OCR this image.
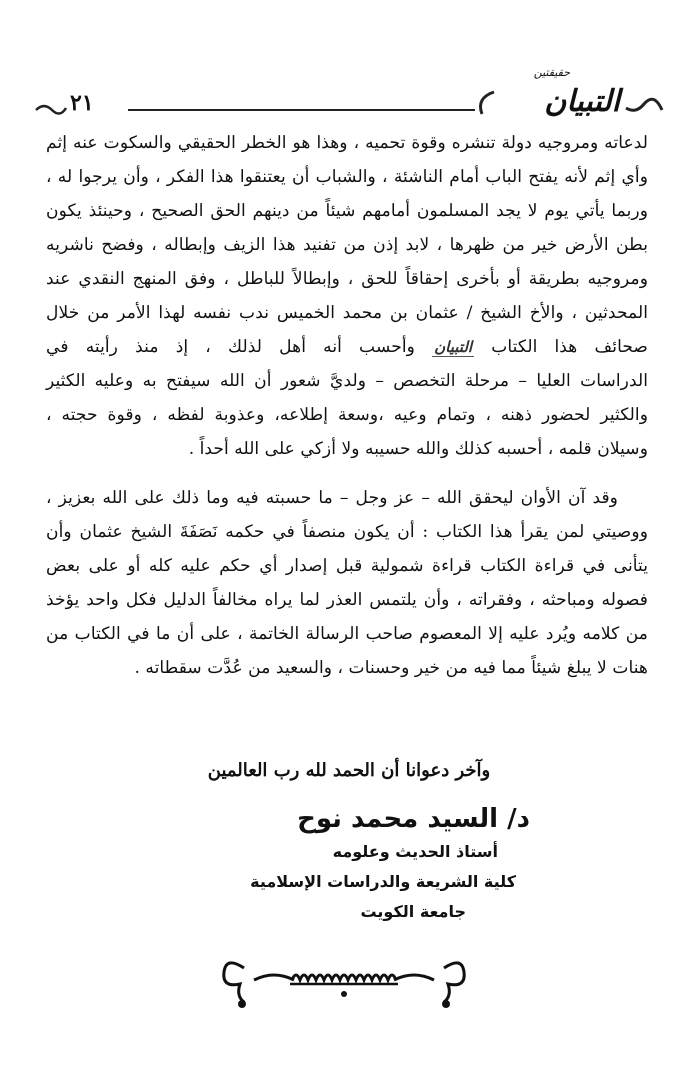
٢١
حقيقتين
التبيان
لدعاته ومروجيه دولة تنشره وقوة تحميه ، وهذا هو الخطر الحقيقي والسكوت عنه إثم
وأي إثم لأنه يفتح الباب أمام الناشئة ، والشباب أن يعتنقوا هذا الفكر ، وأن يرجوا له ،
وربما يأتي يوم لا يجد المسلمون أمامهم شيئاً من دينهم الحق الصحيح ، وحينئذ يكون
بطن الأرض خير من ظهرها ، لابد إذن من تفنيد هذا الزيف وإبطاله ، وفضح ناشريه
ومروجيه بطريقة أو بأخرى إحقاقاً للحق ، وإبطالاً للباطل ، وفق المنهج النقدي عند
المحدثين ، والأخ الشيخ / عثمان بن محمد الخميس ندب نفسه لهذا الأمر من خلال
صحائف هذا الكتاب التبيان وأحسب أنه أهل لذلك ، إذ منذ رأيته في
الدراسات العليا – مرحلة التخصص – ولديَّ شعور أن الله سيفتح به وعليه الكثير
والكثير لحضور ذهنه ، وتمام وعيه ،وسعة إطلاعه، وعذوبة لفظه ، وقوة حجته ،
وسيلان قلمه ، أحسبه كذلك والله حسيبه ولا أزكي على الله أحداً .
وقد آن الأوان ليحقق الله – عز وجل – ما حسبته فيه وما ذلك على الله بعزيز ،
ووصيتي لمن يقرأ هذا الكتاب : أن يكون منصفاً في حكمه نَصَفَةَ الشيخ عثمان وأن
يتأنى في قراءة الكتاب قراءة شمولية قبل إصدار أي حكم عليه كله أو على بعض
فصوله ومباحثه ، وفقراته ، وأن يلتمس العذر لما يراه مخالفاً الدليل فكل واحد يؤخذ
من كلامه ويُرد عليه إلا المعصوم صاحب الرسالة الخاتمة ، على أن ما في الكتاب من
هنات لا يبلغ شيئاً مما فيه من خير وحسنات ، والسعيد من عُدَّت سقطاته .
وآخر دعوانا أن الحمد لله رب العالمين
د/ السيد محمد نوح
أستاذ الحديث وعلومه
كلية الشريعة والدراسات الإسلامية
جامعة الكويت
